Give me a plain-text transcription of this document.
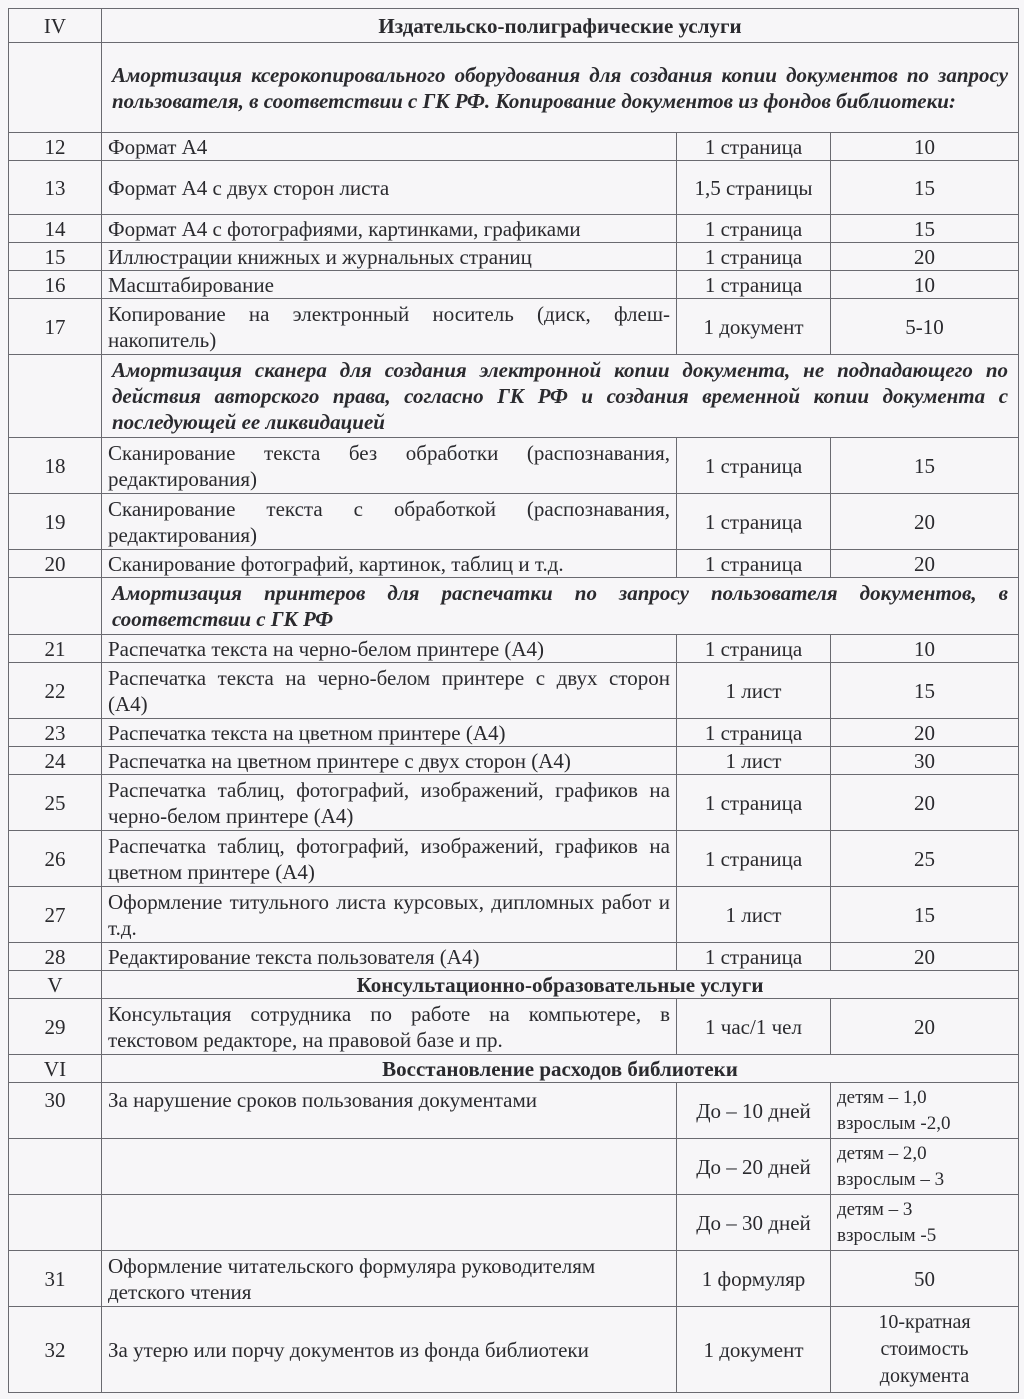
IV	Издательско-полиграфические услуги		
	Амортизация ксерокопировального оборудования для создания копии документов по запросу пользователя, в соответствии с ГК РФ. Копирование документов из фондов библиотеки:		
12	Формат А4	1 страница	10
13	Формат А4 с двух сторон листа	1,5 страницы	15
14	Формат А4 с фотографиями, картинками, графиками	1 страница	15
15	Иллюстрации книжных и журнальных страниц	1 страница	20
16	Масштабирование	1 страница	10
17	Копирование на электронный носитель (диск, флеш-накопитель)	1 документ	5-10
	Амортизация сканера для создания электронной копии документа, не подпадающего по действия авторского права, согласно ГК РФ и создания временной копии документа с последующей ее ликвидацией		
18	Сканирование текста без обработки (распознавания, редактирования)	1 страница	15
19	Сканирование текста с обработкой (распознавания, редактирования)	1 страница	20
20	Сканирование фотографий, картинок, таблиц и т.д.	1 страница	20
	Амортизация принтеров для распечатки по запросу пользователя документов, в соответствии с ГК РФ		
21	Распечатка текста на черно-белом принтере (А4)	1 страница	10
22	Распечатка текста на черно-белом принтере с двух сторон (А4)	1 лист	15
23	Распечатка текста на цветном принтере (А4)	1 страница	20
24	Распечатка на цветном принтере с двух сторон (А4)	1 лист	30
25	Распечатка таблиц, фотографий, изображений, графиков на черно-белом принтере (А4)	1 страница	20
26	Распечатка таблиц, фотографий, изображений, графиков на цветном принтере (А4)	1 страница	25
27	Оформление титульного листа курсовых, дипломных работ и т.д.	1 лист	15
28	Редактирование текста пользователя (А4)	1 страница	20
V	Консультационно-образовательные услуги		
29	Консультация сотрудника по работе на компьютере, в текстовом редакторе, на правовой базе и пр.	1 час/1 чел	20
VI	Восстановление расходов библиотеки		
30	За нарушение сроков пользования документами	До – 10 дней	детям – 1,0
взрослым -2,0

		До – 20 дней	детям – 2,0
взрослым – 3

		До – 30 дней	детям – 3
взрослым -5

31	Оформление читательского формуляра руководителям детского чтения	1 формуляр	50
32	За утерю или порчу документов из фонда библиотеки	1 документ	10-кратная стоимость документа
